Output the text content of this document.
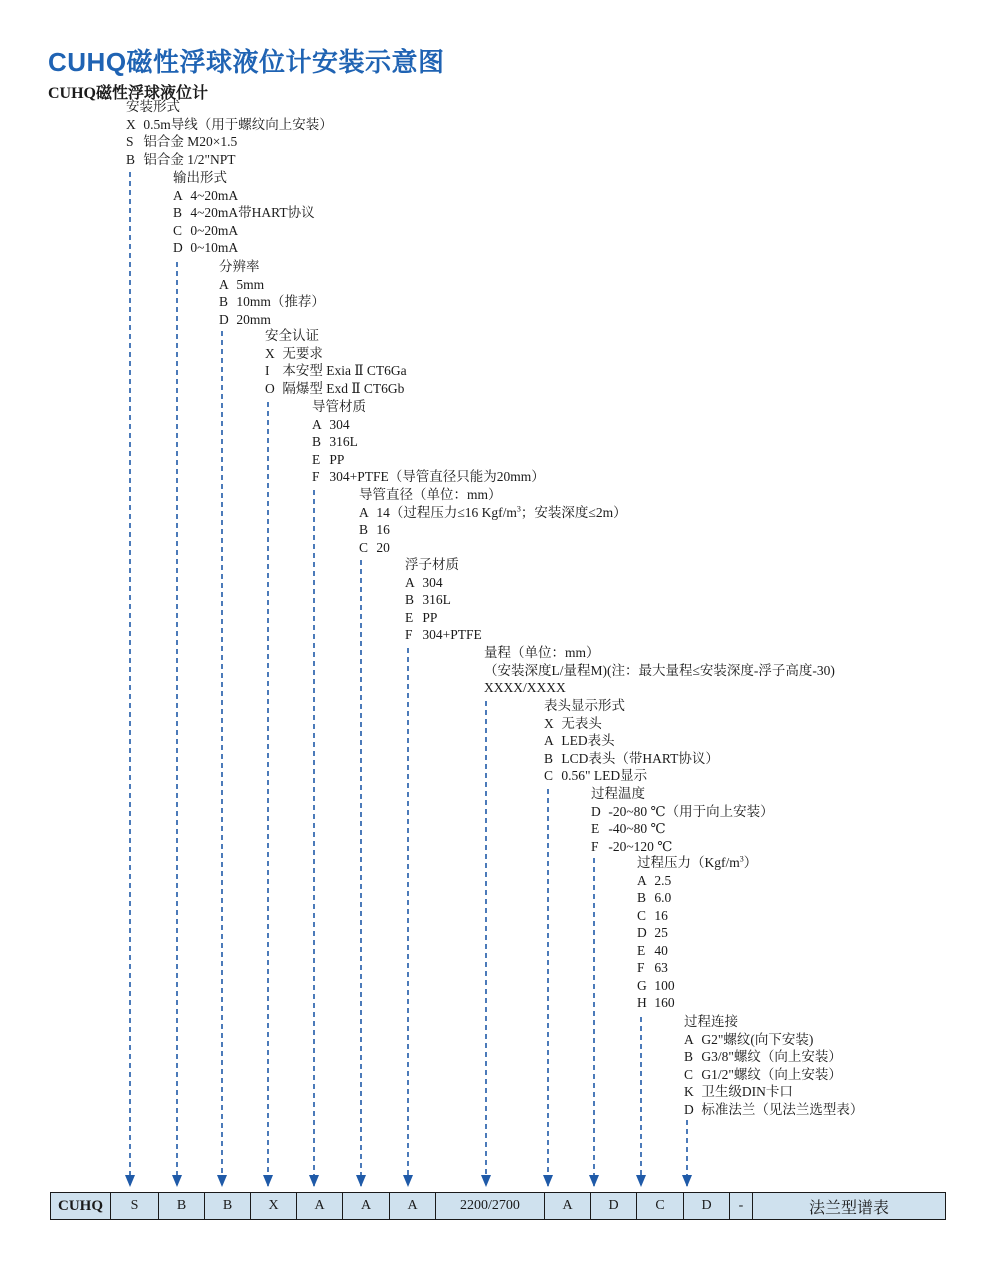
CUHQ磁性浮球液位计安装示意图
CUHQ磁性浮球液位计
安装形式
X 0.5m导线（用于螺纹向上安装）
S 铝合金 M20×1.5
B 铝合金 1/2"NPT
输出形式
A 4~20mA
B 4~20mA带HART协议
C 0~20mA
D 0~10mA
分辨率
A 5mm
B 10mm（推荐）
D 20mm
安全认证
X 无要求
I 本安型 Exia Ⅱ CT6Ga
O 隔爆型 Exd Ⅱ CT6Gb
导管材质
A 304
B 316L
E PP
F 304+PTFE（导管直径只能为20mm）
导管直径（单位：mm）
A 14（过程压力≤16 Kgf/$m^3$；安装深度≤2m）
B 16
C 20
浮子材质
A 304
B 316L
E PP
F 304+PTFE
量程（单位：mm）
（安装深度L/量程M)(注：最大量程≤安装深度-浮子高度-30)
XXXX/XXXX
表头显示形式
X 无表头
A LED表头
B LCD表头（带HART协议）
C 0.56" LED显示
过程温度
D -20~80 ℃（用于向上安装）
E -40~80 ℃
F -20~120 ℃
过程压力$(Kgf/m^3)$
A 2.5
B 6.0
C 16
D 25
E 40
F 63
G 100
H 160
过程连接
A G2"螺纹(向下安装)
B G3/8"螺纹（向上安装）
C G1/2"螺纹（向上安装）
K 卫生级DIN卡口
D 标准法兰（见法兰选型表）
CUHQ	S	B	B	X	A	A	A	2200/2700	A	D	C	D	-	法兰型谱表
